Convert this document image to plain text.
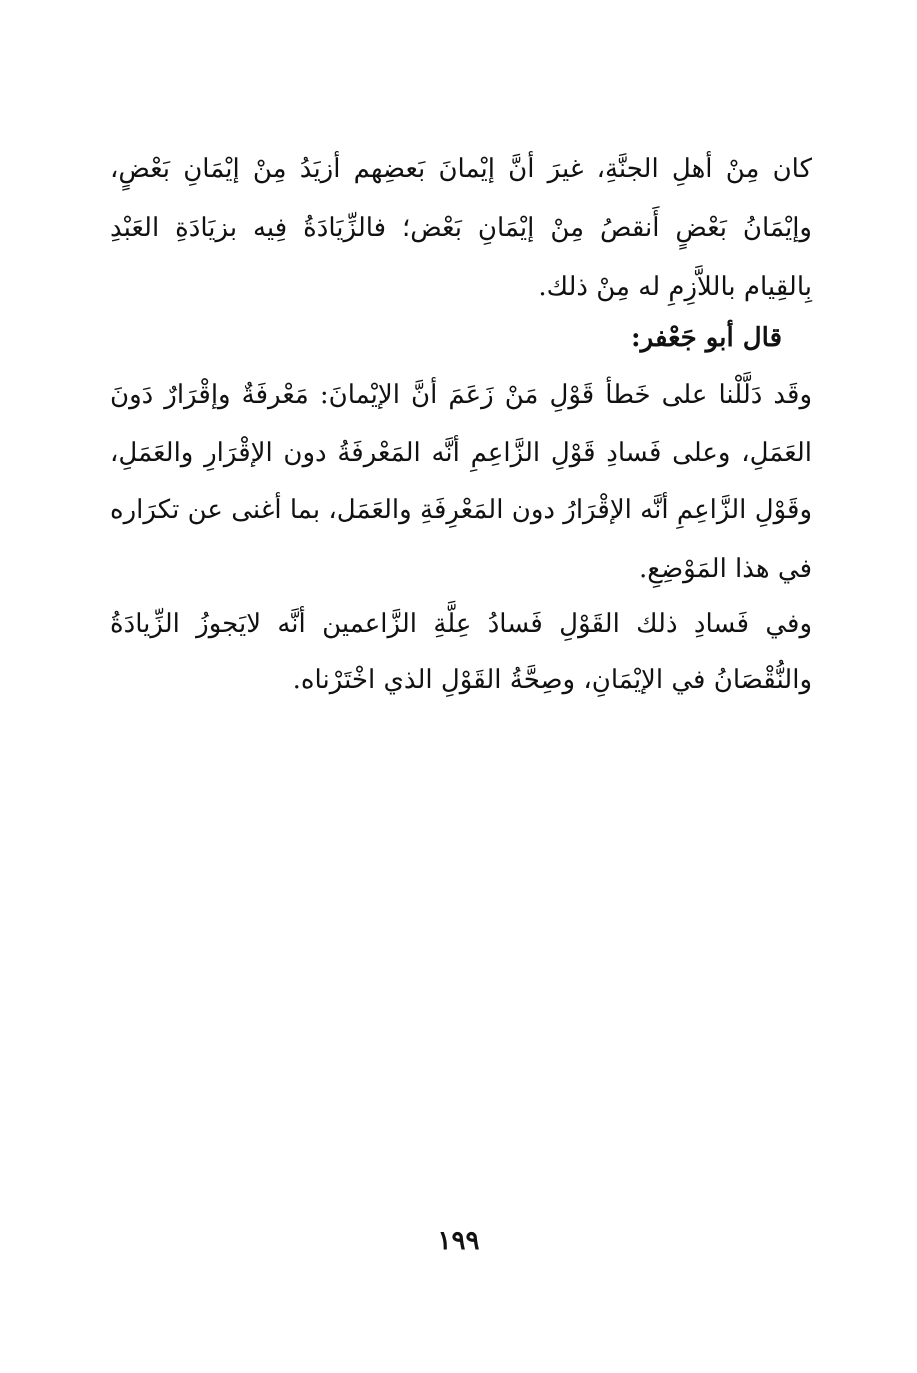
كان مِنْ أهلِ الجنَّةِ، غيرَ أنَّ إيْمانَ بَعضِهم أزيَدُ مِنْ إيْمَانِ بَعْضٍ،
وإيْمَانُ بَعْضٍ أَنقصُ مِنْ إيْمَانِ بَعْض؛ فالزِّيَادَةُ فِيه بزيَادَةِ العَبْدِ
بِالقِيام باللاَّزِمِ له مِنْ ذلك.
قال أبو جَعْفر:
وقَد دَلَّلْنا على خَطأ قَوْلِ مَنْ زَعَمَ أنَّ الإيْمانَ: مَعْرفَةٌ وإقْرَارٌ دَونَ
العَمَلِ، وعلى فَسادِ قَوْلِ الزَّاعِمِ أنَّه المَعْرفَةُ دون الإقْرَارِ والعَمَلِ،
وقَوْلِ الزَّاعِمِ أنَّه الإقْرَارُ دون المَعْرِفَةِ والعَمَل، بما أغنى عن تكرَاره
في هذا المَوْضِعِ.
وفي فَسادِ ذلك القَوْلِ فَسادُ عِلَّةِ الزَّاعمين أنَّه لايَجوزُ الزِّيادَةُ
والنُّقْصَانُ في الإيْمَانِ، وصِحَّةُ القَوْلِ الذي اخْتَرْناه.
١٩٩
